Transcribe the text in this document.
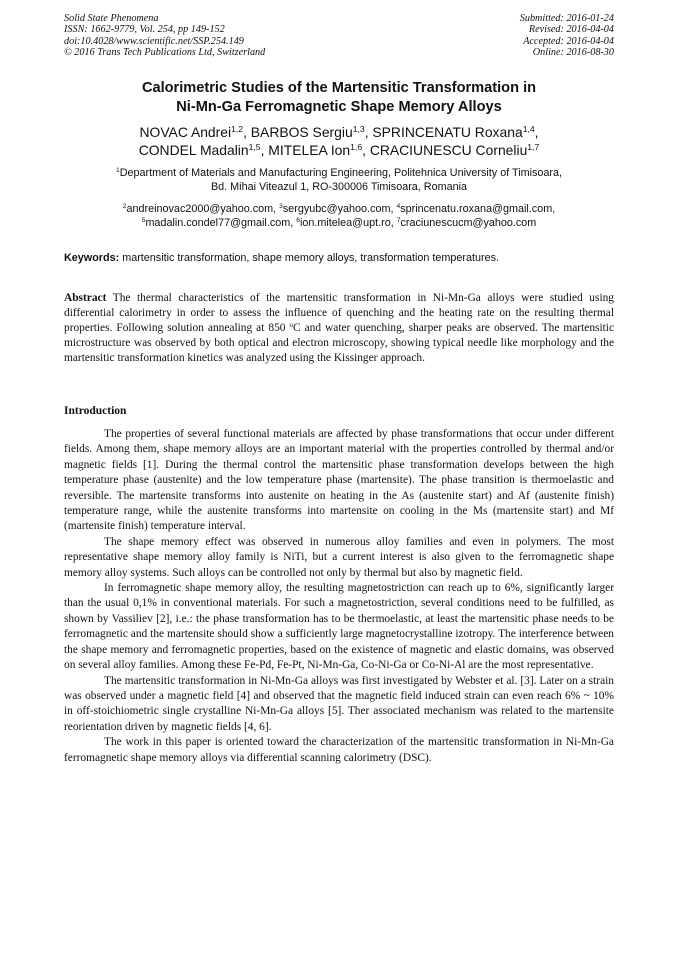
Solid State Phenomena
ISSN: 1662-9779, Vol. 254, pp 149-152
doi:10.4028/www.scientific.net/SSP.254.149
© 2016 Trans Tech Publications Ltd, Switzerland
Submitted: 2016-01-24
Revised: 2016-04-04
Accepted: 2016-04-04
Online: 2016-08-30
Calorimetric Studies of the Martensitic Transformation in
Ni-Mn-Ga Ferromagnetic Shape Memory Alloys
NOVAC Andrei$^{1,2}$, BARBOS Sergiu$^{1,3}$, SPRINCENATU Roxana$^{1,4}$,
CONDEL Madalin$^{1,5}$, MITELEA Ion$^{1,6}$, CRACIUNESCU Corneliu$^{1,7}$
$^1$Department of Materials and Manufacturing Engineering, Politehnica University of Timisoara,
Bd. Mihai Viteazul 1, RO-300006 Timisoara, Romania
$^2$andreinovac2000@yahoo.com, $^3$sergyubc@yahoo.com, $^4$sprincenatu.roxana@gmail.com,
$^5$madalin.condel77@gmail.com, $^6$ion.mitelea@upt.ro, $^7$craciunescucm@yahoo.com
Keywords: martensitic transformation, shape memory alloys, transformation temperatures.
Abstract The thermal characteristics of the martensitic transformation in Ni-Mn-Ga alloys were studied using differential calorimetry in order to assess the influence of quenching and the heating rate on the resulting thermal properties. Following solution annealing at 850 $^o$C and water quenching, sharper peaks are observed. The martensitic microstructure was observed by both optical and electron microscopy, showing typical needle like morphology and the martensitic transformation kinetics was analyzed using the Kissinger approach.
Introduction

The properties of several functional materials are affected by phase transformations that occur under different fields. Among them, shape memory alloys are an important material with the properties controlled by thermal and/or magnetic fields [1]. During the thermal control the martensitic phase transformation develops between the high temperature phase (austenite) and the low temperature phase (martensite). The phase transition is thermoelastic and reversible. The martensite transforms into austenite on heating in the As (austenite start) and Af (austenite finish) temperature range, while the austenite transforms into martensite on cooling in the Ms (martensite start) and Mf (martensite finish) temperature interval.

The shape memory effect was observed in numerous alloy families and even in polymers. The most representative shape memory alloy family is NiTi, but a current interest is also given to the ferromagnetic shape memory alloy systems. Such alloys can be controlled not only by thermal but also by magnetic field.

In ferromagnetic shape memory alloy, the resulting magnetostriction can reach up to 6%, significantly larger than the usual 0,1% in conventional materials. For such a magnetostriction, several conditions need to be fulfilled, as shown by Vassiliev [2], i.e.: the phase transformation has to be thermoelastic, at least the martensitic phase needs to be ferromagnetic and the martensite should show a sufficiently large magnetocrystalline izotropy. The interference between the shape memory and ferromagnetic properties, based on the existence of magnetic and elastic domains, was observed on several alloy families. Among these Fe-Pd, Fe-Pt, Ni-Mn-Ga, Co-Ni-Ga or Co-Ni-Al are the most representative.

The martensitic transformation in Ni-Mn-Ga alloys was first investigated by Webster et al. [3]. Later on a strain was observed under a magnetic field [4] and observed that the magnetic field induced strain can even reach 6% ~ 10% in off-stoichiometric single crystalline Ni-Mn-Ga alloys [5]. Ther associated mechanism was related to the martensite reorientation driven by magnetic fields [4, 6].

The work in this paper is oriented toward the characterization of the martensitic transformation in Ni-Mn-Ga ferromagnetic shape memory alloys via differential scanning calorimetry (DSC).
